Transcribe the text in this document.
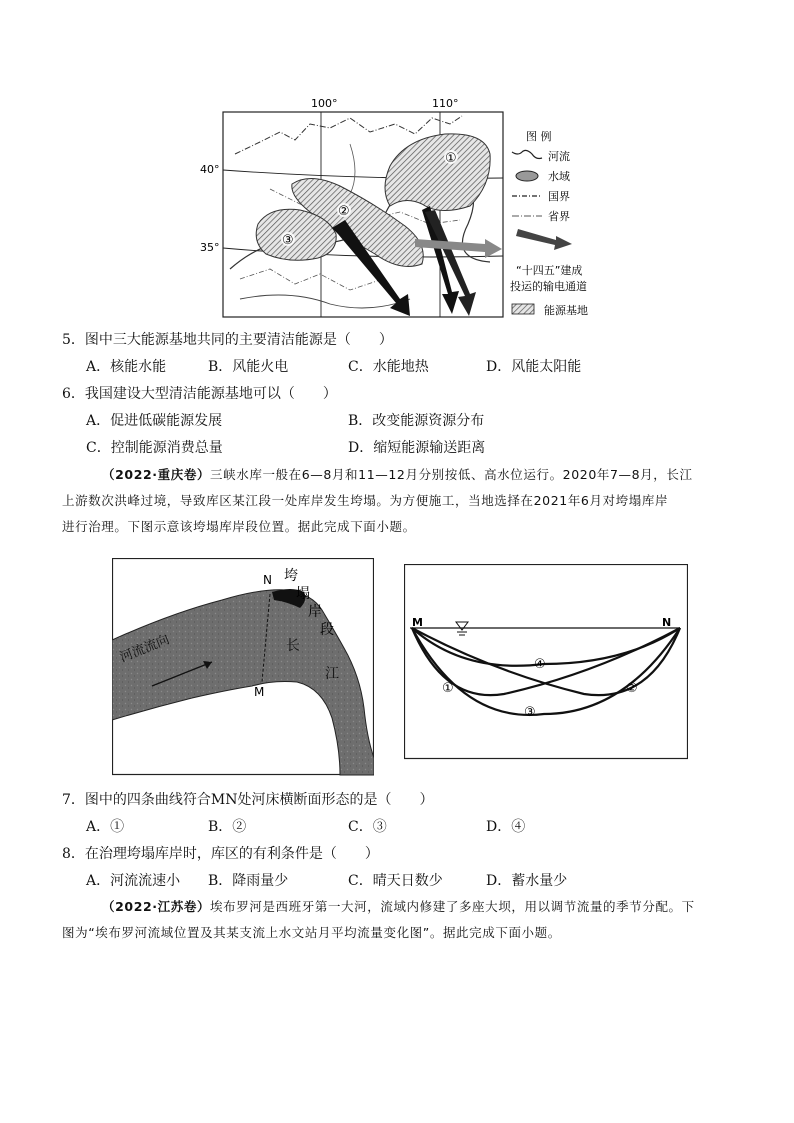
100°	110°
40°
35°
①
②
③
图 例
河流
水域
国界
省界
“十四五”建成
投运的输电通道
能源基地
5．图中三大能源基地共同的主要清洁能源是（　　）
A．核能水能	B．风能火电	C．水能地热	D．风能太阳能
6．我国建设大型清洁能源基地可以（　　）
A．促进低碳能源发展	B．改变能源资源分布
C．控制能源消费总量	D．缩短能源输送距离
（2022·重庆卷）三峡水库一般在6—8月和11—12月分别按低、高水位运行。2020年7—8月，长江
上游数次洪峰过境，导致库区某江段一处库岸发生垮塌。为方便施工，当地选择在2021年6月对垮塌库岸
进行治理。下图示意该垮塌库岸段位置。据此完成下面小题。
N
M
河流流向	长
江
垮
塌
岸
段	M	N
①	②
③
④
7．图中的四条曲线符合MN处河床横断面形态的是（　　）
A．①	B．②	C．③	D．④
8．在治理垮塌库岸时，库区的有利条件是（　　）
A．河流流速小 B．降雨量少	C．晴天日数少	D．蓄水量少
（2022·江苏卷）埃布罗河是西班牙第一大河，流域内修建了多座大坝，用以调节流量的季节分配。下
图为“埃布罗河流域位置及其某支流上水文站月平均流量变化图”。据此完成下面小题。
